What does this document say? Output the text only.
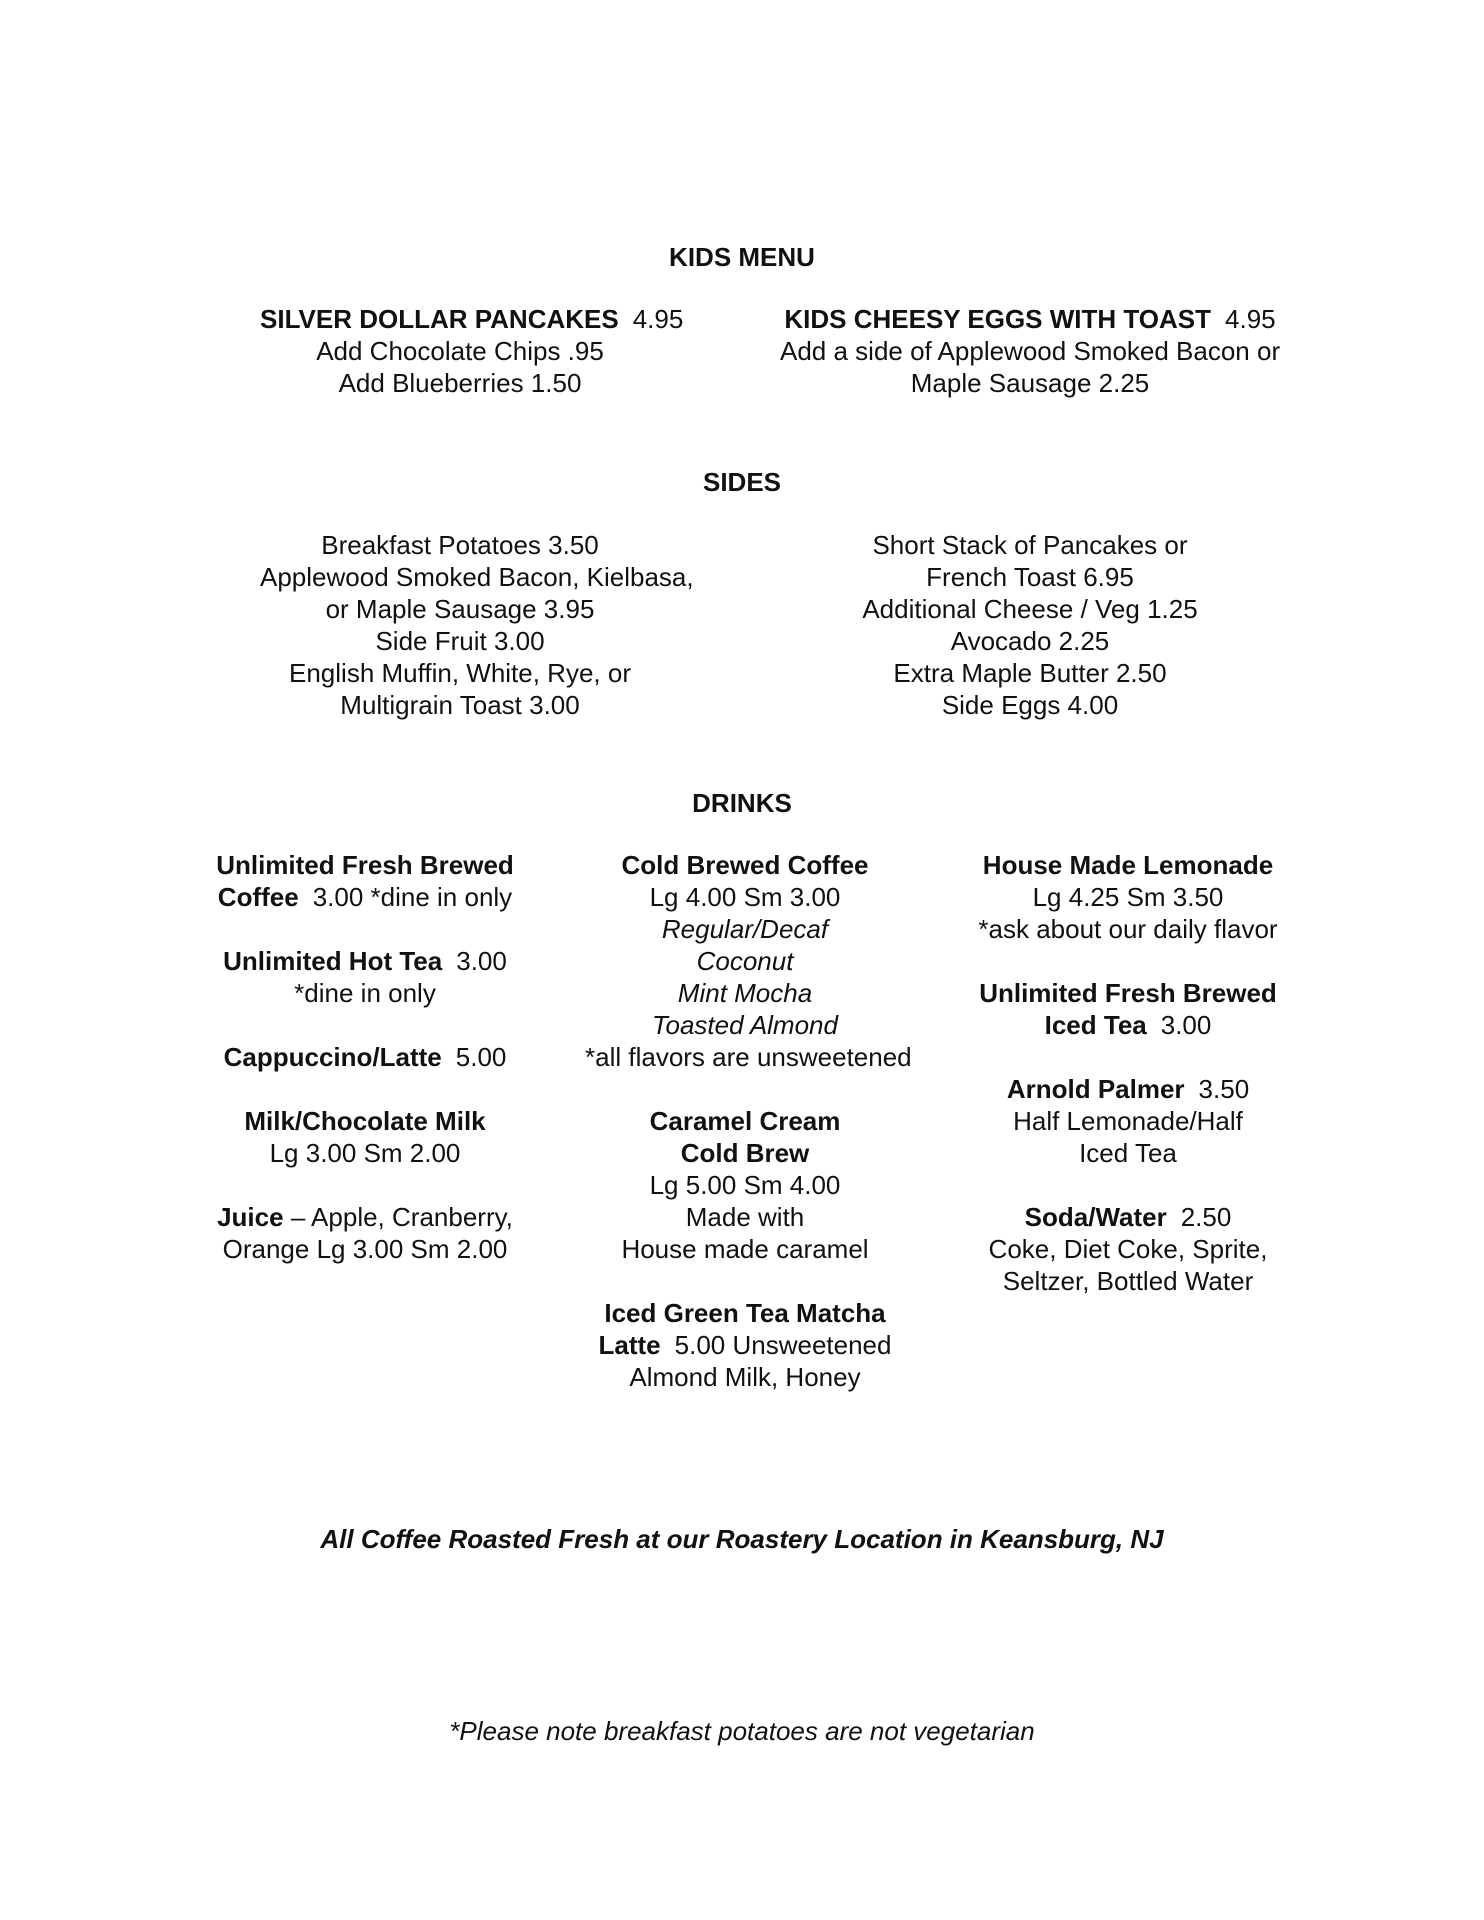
KIDS MENU
SILVER DOLLAR PANCAKES 4.95
Add Chocolate Chips .95
Add Blueberries 1.50
KIDS CHEESY EGGS WITH TOAST 4.95
Add a side of Applewood Smoked Bacon or
Maple Sausage 2.25
SIDES
Breakfast Potatoes 3.50
Applewood Smoked Bacon, Kielbasa,
or Maple Sausage 3.95
Side Fruit 3.00
English Muffin, White, Rye, or
Multigrain Toast 3.00
Short Stack of Pancakes or
French Toast 6.95
Additional Cheese / Veg 1.25
Avocado 2.25
Extra Maple Butter 2.50
Side Eggs 4.00
DRINKS
Unlimited Fresh Brewed
Coffee 3.00 *dine in only
Unlimited Hot Tea 3.00
*dine in only
Cappuccino/Latte 5.00
Milk/Chocolate Milk
Lg 3.00 Sm 2.00
Juice – Apple, Cranberry,
Orange Lg 3.00 Sm 2.00
Cold Brewed Coffee
Lg 4.00 Sm 3.00
Regular/Decaf
Coconut
Mint Mocha
Toasted Almond
*all flavors are unsweetened
Caramel Cream
Cold Brew
Lg 5.00 Sm 4.00
Made with
House made caramel
Iced Green Tea Matcha
Latte 5.00 Unsweetened
Almond Milk, Honey
House Made Lemonade
Lg 4.25 Sm 3.50
*ask about our daily flavor
Unlimited Fresh Brewed
Iced Tea 3.00
Arnold Palmer 3.50
Half Lemonade/Half
Iced Tea
Soda/Water 2.50
Coke, Diet Coke, Sprite,
Seltzer, Bottled Water
All Coffee Roasted Fresh at our Roastery Location in Keansburg, NJ
*Please note breakfast potatoes are not vegetarian
